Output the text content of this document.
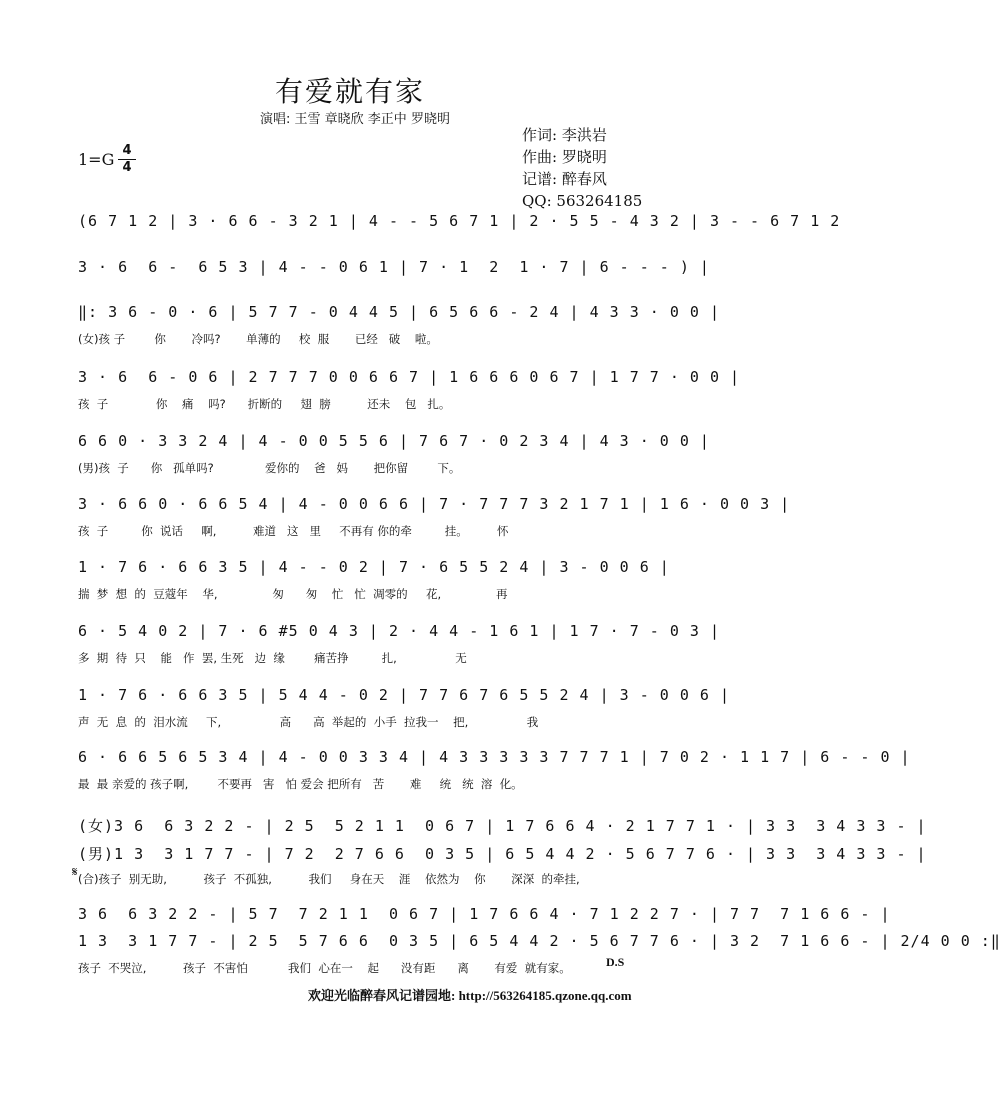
有爱就有家
演唱: 王雪 章晓欣 李正中 罗晓明
1=G 4
4
作词: 李洪岩
作曲: 罗晓明
记谱: 醉春风
QQ: 563264185
(6 7 1 2 | 3 · 6 6 - 3 2 1 | 4 - - 5 6 7 1 | 2 · 5 5 - 4 3 2 | 3 - - 6 7 1 2
3 · 6  6 -  6 5 3 | 4 - - 0 6 1 | 7 · 1  2  1 · 7 | 6 - - - ) |
‖: 3 6 - 0 · 6 | 5 7 7 - 0 4 4 5 | 6 5 6 6 - 2 4 | 4 3 3 · 0 0 |
(女)孩 子        你       冷吗?       单薄的     校  服       已经   破    啦。
3 · 6  6 - 0 6 | 2 7 7 7 0 0 6 6 7 | 1 6 6 6 0 6 7 | 1 7 7 · 0 0 |
孩  子             你    痛    吗?      折断的     翅  膀          还未    包   扎。
6 6 0 · 3 3 2 4 | 4 - 0 0 5 5 6 | 7 6 7 · 0 2 3 4 | 4 3 · 0 0 |
(男)孩  子      你   孤单吗?              爱你的    爸   妈       把你留        下。
3 · 6 6 0 · 6 6 5 4 | 4 - 0 0 6 6 | 7 · 7 7 7 3 2 1 7 1 | 1 6 · 0 0 3 |
孩  子         你  说话     啊,          难道   这   里     不再有 你的牵         挂。        怀
1 · 7 6 · 6 6 3 5 | 4 - - 0 2 | 7 · 6 5 5 2 4 | 3 - 0 0 6 |
揣  梦  想  的  豆蔻年    华,               匆      匆    忙   忙  凋零的     花,               再
6 · 5 4 0 2 | 7 · 6 #5 0 4 3 | 2 · 4 4 - 1 6 1 | 1 7 · 7 - 0 3 |
多  期  待  只    能   作  罢, 生死   边  缘        痛苦挣         扎,                无
1 · 7 6 · 6 6 3 5 | 5 4 4 - 0 2 | 7 7 6 7 6 5 5 2 4 | 3 - 0 0 6 |
声  无  息  的  泪水流     下,                高      高  举起的  小手  拉我一    把,                我
6 · 6 6 5 6 5 3 4 | 4 - 0 0 3 3 4 | 4 3 3 3 3 3 7 7 7 1 | 7 0 2 · 1 1 7 | 6 - - 0 |
最  最 亲爱的 孩子啊,        不要再   害   怕 爱会 把所有   苦       难     统   统  溶  化。
(女)3 6  6 3 2 2 - | 2 5  5 2 1 1  0 6 7 | 1 7 6 6 4 · 2 1 7 7 1 · | 3 3  3 4 3 3 - |
(男)1 3  3 1 7 7 - | 7 2  2 7 6 6  0 3 5 | 6 5 4 4 2 · 5 6 7 7 6 · | 3 3  3 4 3 3 - |
(合)孩子  别无助,          孩子  不孤独,          我们     身在天    涯    依然为    你       深深  的牵挂,
3 6  6 3 2 2 - | 5 7  7 2 1 1  0 6 7 | 1 7 6 6 4 · 7 1 2 2 7 · | 7 7  7 1 6 6 - |
1 3  3 1 7 7 - | 2 5  5 7 6 6  0 3 5 | 6 5 4 4 2 · 5 6 7 7 6 · | 3 2  7 1 6 6 - | 2/4 0 0 :‖
孩子  不哭泣,          孩子  不害怕           我们  心在一    起      没有距      离       有爱  就有家。
𝄋
D.S
欢迎光临醉春风记谱园地: http://563264185.qzone.qq.com
